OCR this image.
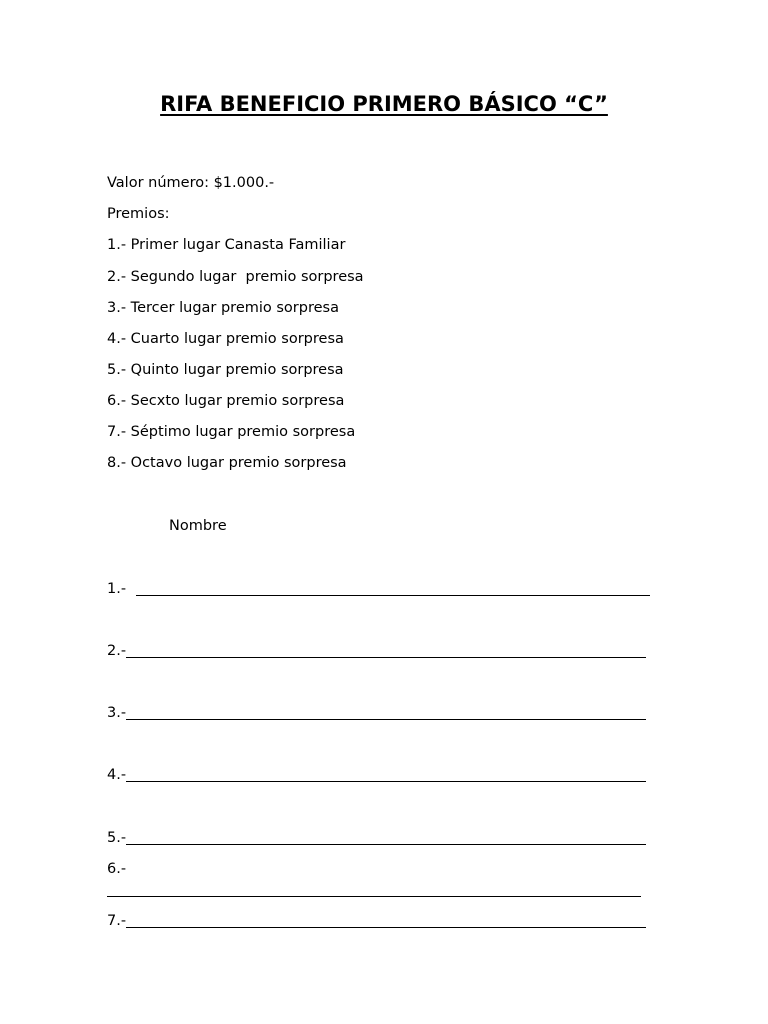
RIFA BENEFICIO PRIMERO BÁSICO “C”

Valor número: $1.000.-

Premios:

1.- Primer lugar Canasta Familiar

2.- Segundo lugar  premio sorpresa

3.- Tercer lugar premio sorpresa

4.- Cuarto lugar premio sorpresa

5.- Quinto lugar premio sorpresa

6.- Secxto lugar premio sorpresa

7.- Séptimo lugar premio sorpresa

8.- Octavo lugar premio sorpresa

Nombre

1.-
2.-
3.-
4.-
5.-

6.-

7.-
